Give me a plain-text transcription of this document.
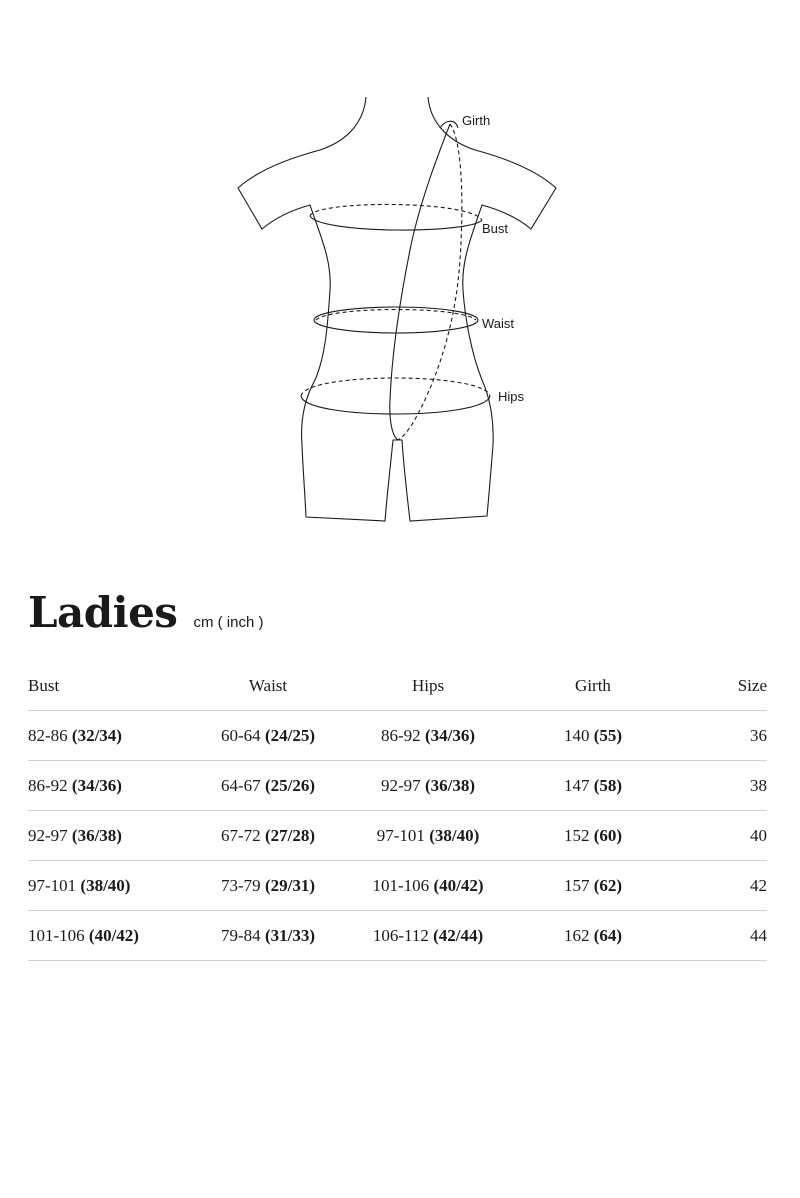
Girth
Bust
Waist
Hips
Ladies cm ( inch )
Bust	Waist	Hips	Girth	Size
82-86 (32/34)	60-64 (24/25)	86-92 (34/36)	140 (55)	36
86-92 (34/36)	64-67 (25/26)	92-97 (36/38)	147 (58)	38
92-97 (36/38)	67-72 (27/28)	97-101 (38/40)	152 (60)	40
97-101 (38/40)	73-79 (29/31)	101-106 (40/42)	157 (62)	42
101-106 (40/42)	79-84 (31/33)	106-112 (42/44)	162 (64)	44
